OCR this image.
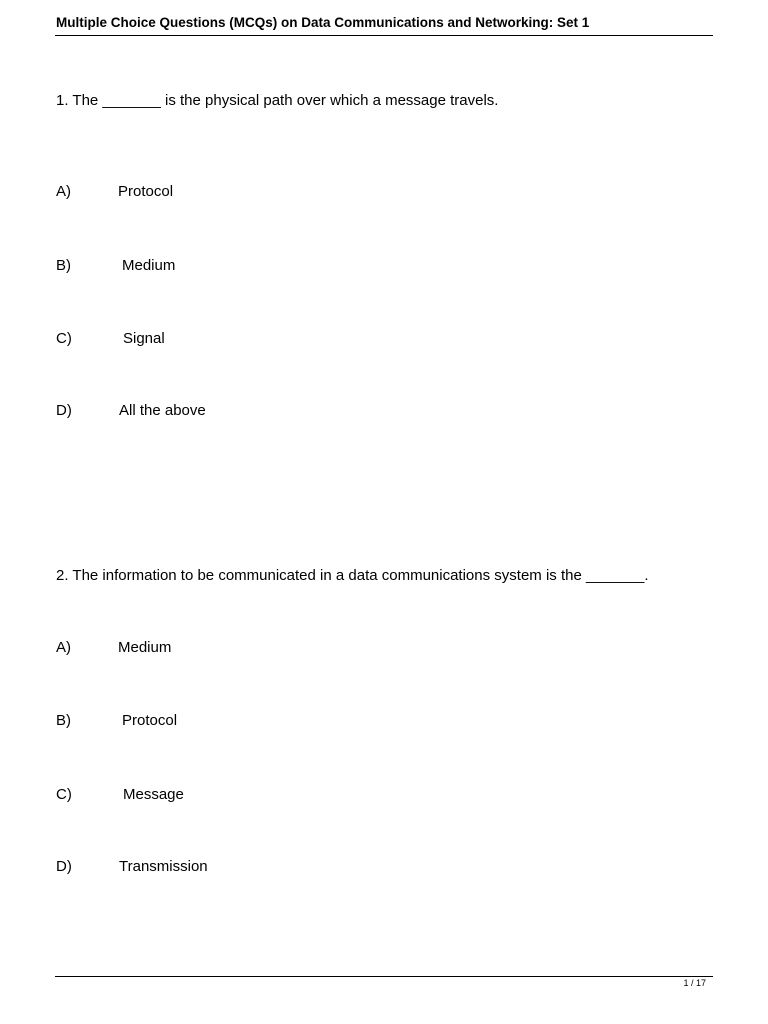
Multiple Choice Questions (MCQs) on Data Communications and Networking: Set 1
1. The _______ is the physical path over which a message travels.
A)	Protocol
B)	Medium
C)	Signal
D)	All the above
2. The information to be communicated in a data communications system is the _______.
A)	Medium
B)	Protocol
C)	Message
D)	Transmission
1 / 17
